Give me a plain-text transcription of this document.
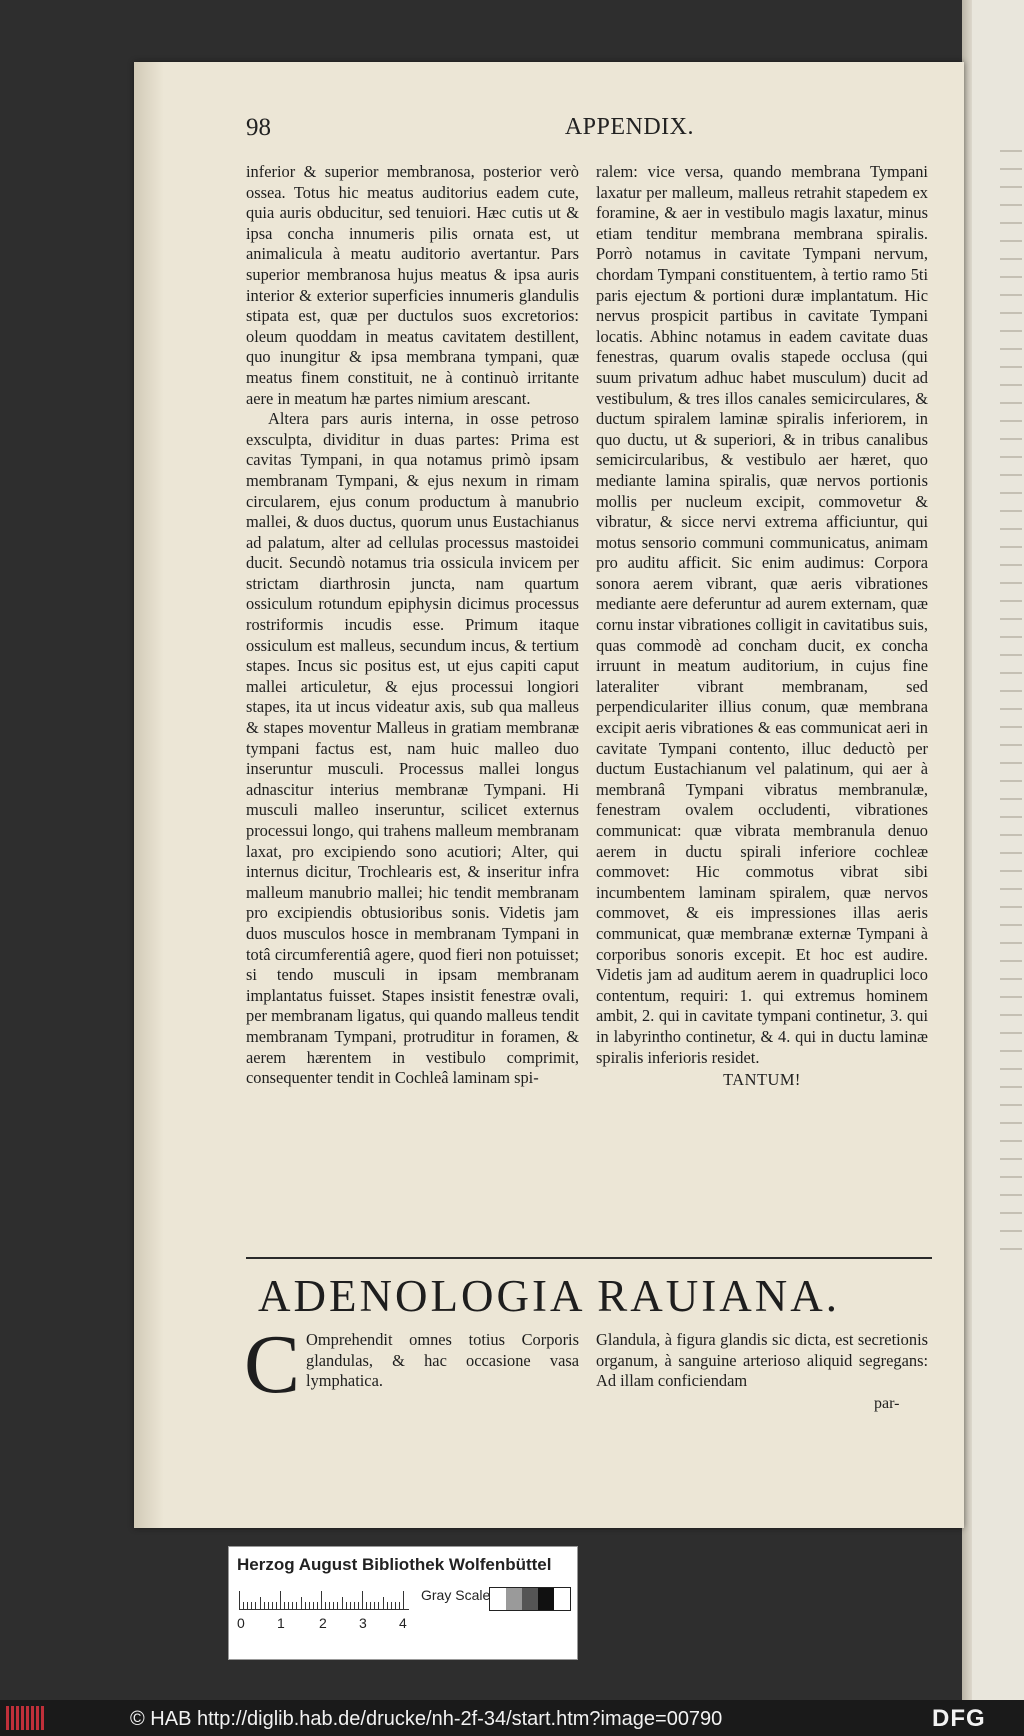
98	APPENDIX.

inferior & superior membranosa, posterior verò ossea. Totus hic meatus auditorius eadem cute, quia auris obducitur, sed tenuiori. Hæc cutis ut & ipsa concha innumeris pilis ornata est, ut animalicula à meatu auditorio avertantur. Pars superior membranosa hujus meatus & ipsa auris interior & exterior superficies innumeris glandulis stipata est, quæ per ductulos suos excretorios: oleum quoddam in meatus cavitatem destillent, quo inungitur & ipsa membrana tympani, quæ meatus finem constituit, ne à continuò irritante aere in meatum hæ partes nimium arescant.

Altera pars auris interna, in osse petroso exsculpta, dividitur in duas partes: Prima est cavitas Tympani, in qua notamus primò ipsam membranam Tympani, & ejus nexum in rimam circularem, ejus conum productum à manubrio mallei, & duos ductus, quorum unus Eustachianus ad palatum, alter ad cellulas processus mastoidei ducit. Secundò notamus tria ossicula invicem per strictam diarthrosin juncta, nam quartum ossiculum rotundum epiphysin dicimus processus rostriformis incudis esse. Primum itaque ossiculum est malleus, secundum incus, & tertium stapes. Incus sic positus est, ut ejus capiti caput mallei articuletur, & ejus processui longiori stapes, ita ut incus videatur axis, sub qua malleus & stapes moventur Malleus in gratiam membranæ tympani factus est, nam huic malleo duo inseruntur musculi. Processus mallei longus adnascitur interius membranæ Tympani. Hi musculi malleo inseruntur, scilicet externus processui longo, qui trahens malleum membranam laxat, pro excipiendo sono acutiori; Alter, qui internus dicitur, Trochlearis est, & inseritur infra malleum manubrio mallei; hic tendit membranam pro excipiendis obtusioribus sonis. Videtis jam duos musculos hosce in membranam Tympani in totâ circumferentiâ agere, quod fieri non potuisset; si tendo musculi in ipsam membranam implantatus fuisset. Stapes insistit fenestræ ovali, per membranam ligatus, qui quando malleus tendit membranam Tympani, protruditur in foramen, & aerem hærentem in vestibulo comprimit, consequenter tendit in Cochleâ laminam spi-

ralem: vice versa, quando membrana Tympani laxatur per malleum, malleus retrahit stapedem ex foramine, & aer in vestibulo magis laxatur, minus etiam tenditur membrana membrana spiralis. Porrò notamus in cavitate Tympani nervum, chordam Tympani constituentem, à tertio ramo 5ti paris ejectum & portioni duræ implantatum. Hic nervus prospicit partibus in cavitate Tympani locatis. Abhinc notamus in eadem cavitate duas fenestras, quarum ovalis stapede occlusa (qui suum privatum adhuc habet musculum) ducit ad vestibulum, & tres illos canales semicirculares, & ductum spiralem laminæ spiralis inferiorem, in quo ductu, ut & superiori, & in tribus canalibus semicircularibus, & vestibulo aer hæret, quo mediante lamina spiralis, quæ nervos portionis mollis per nucleum excipit, commovetur & vibratur, & sicce nervi extrema afficiuntur, qui motus sensorio communi communicatus, animam pro auditu afficit. Sic enim audimus: Corpora sonora aerem vibrant, quæ aeris vibrationes mediante aere deferuntur ad aurem externam, quæ cornu instar vibrationes colligit in cavitatibus suis, quas commodè ad concham ducit, ex concha irruunt in meatum auditorium, in cujus fine lateraliter vibrant membranam, sed perpendiculariter illius conum, quæ membrana excipit aeris vibrationes & eas communicat aeri in cavitate Tympani contento, illuc deductò per ductum Eustachianum vel palatinum, qui aer à membranâ Tympani vibratus membranulæ, fenestram ovalem occludenti, vibrationes communicat: quæ vibrata membranula denuo aerem in ductu spirali inferiore cochleæ commovet: Hic commotus vibrat sibi incumbentem laminam spiralem, quæ nervos commovet, & eis impressiones illas aeris communicat, quæ membranæ externæ Tympani à corporibus sonoris excepit. Et hoc est audire. Videtis jam ad auditum aerem in quadruplici loco contentum, requiri: 1. qui extremus hominem ambit, 2. qui in cavitate tympani continetur, 3. qui in labyrintho continetur, & 4. qui in ductu laminæ spiralis inferioris residet.

TANTUM!
ADENOLOGIA RAUIANA.
C Omprehendit omnes totius Corporis glandulas, & hac occasione vasa lymphatica.

Glandula, à figura glandis sic dicta, est secretionis organum, à sanguine arterioso aliquid segregans: Ad illam conficiendam

par-
Herzog August Bibliothek Wolfenbüttel
0 1 2 3 4
Gray Scale
© HAB http://diglib.hab.de/drucke/nh-2f-34/start.htm?image=00790	DFG
